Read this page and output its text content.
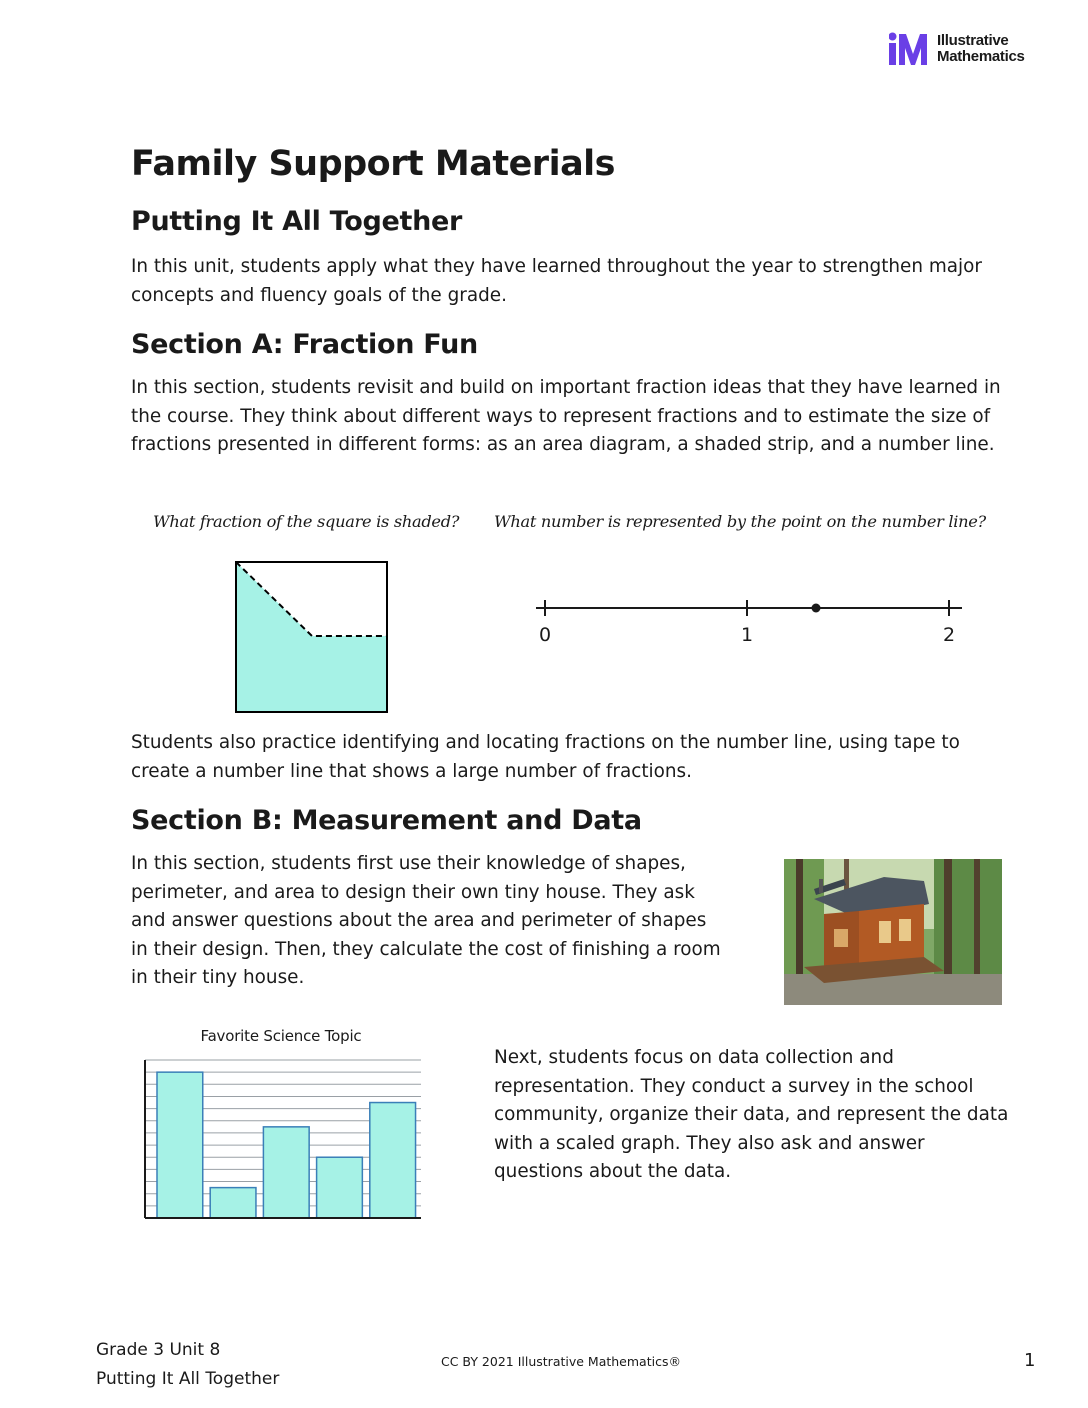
Illustrative
Mathematics
Family Support Materials
Putting It All Together

In this unit, students apply what they have learned throughout the year to strengthen major concepts and fluency goals of the grade.

Section A: Fraction Fun

In this section, students revisit and build on important fraction ideas that they have learned in the course. They think about different ways to represent fractions and to estimate the size of fractions presented in different forms: as an area diagram, a shaded strip, and a number line.

What fraction of the square is shaded? What number is represented by the point on the number line?
0	1	2

Students also practice identifying and locating fractions on the number line, using tape to create a number line that shows a large number of fractions.

Section B: Measurement and Data

In this section, students first use their knowledge of shapes, perimeter, and area to design their own tiny house. They ask and answer questions about the area and perimeter of shapes in their design. Then, they calculate the cost of finishing a room in their tiny house.

Favorite Science Topic

Next, students focus on data collection and representation. They conduct a survey in the school community, organize their data, and represent the data with a scaled graph. They also ask and answer questions about the data.

Grade 3 Unit 8
Putting It All Together
CC BY 2021 Illustrative Mathematics®	1
